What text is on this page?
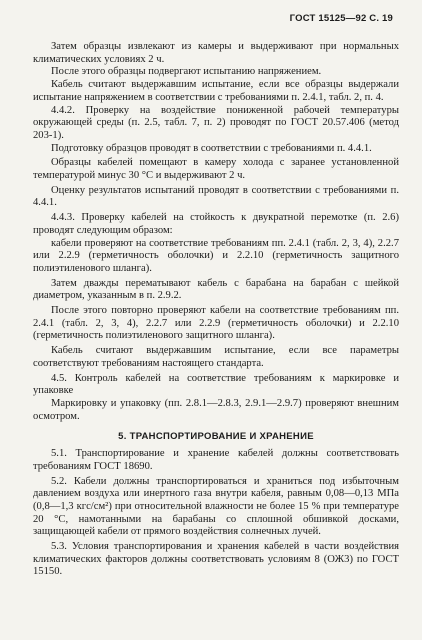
ГОСТ 15125—92 С. 19

Затем образцы извлекают из камеры и выдерживают при нормальных климатических условиях 2 ч.

После этого образцы подвергают испытанию напряжением.

Кабель считают выдержавшим испытание, если все образцы выдержали испытание напряжением в соответствии с требованиями п. 2.4.1, табл. 2, п. 4.

4.4.2. Проверку на воздействие пониженной рабочей температуры окружающей среды (п. 2.5, табл. 7, п. 2) проводят по ГОСТ 20.57.406 (метод 203-1).

Подготовку образцов проводят в соответствии с требованиями п. 4.4.1.

Образцы кабелей помещают в камеру холода с заранее установленной температурой минус 30 °C и выдерживают 2 ч.

Оценку результатов испытаний проводят в соответствии с требованиями п. 4.4.1.

4.4.3. Проверку кабелей на стойкость к двукратной перемотке (п. 2.6) проводят следующим образом:

кабели проверяют на соответствие требованиям пп. 2.4.1 (табл. 2, 3, 4), 2.2.7 или 2.2.9 (герметичность оболочки) и 2.2.10 (герметичность защитного полиэтиленового шланга).

Затем дважды перематывают кабель с барабана на барабан с шейкой диаметром, указанным в п. 2.9.2.

После этого повторно проверяют кабели на соответствие требованиям пп. 2.4.1 (табл. 2, 3, 4), 2.2.7 или 2.2.9 (герметичность оболочки) и 2.2.10 (герметичность полиэтиленового защитного шланга).

Кабель считают выдержавшим испытание, если все параметры соответствуют требованиям настоящего стандарта.

4.5. Контроль кабелей на соответствие требованиям к маркировке и упаковке

Маркировку и упаковку (пп. 2.8.1—2.8.3, 2.9.1—2.9.7) проверяют внешним осмотром.

5. ТРАНСПОРТИРОВАНИЕ И ХРАНЕНИЕ

5.1. Транспортирование и хранение кабелей должны соответствовать требованиям ГОСТ 18690.

5.2. Кабели должны транспортироваться и храниться под избыточным давлением воздуха или инертного газа внутри кабеля, равным 0,08—0,13 МПа (0,8—1,3 кгс/см²) при относительной влажности не более 15 % при температуре 20 °C, намотанными на барабаны со сплошной обшивкой досками, защищающей кабели от прямого воздействия солнечных лучей.

5.3. Условия транспортирования и хранения кабелей в части воздействия климатических факторов должны соответствовать условиям 8 (ОЖ3) по ГОСТ 15150.
